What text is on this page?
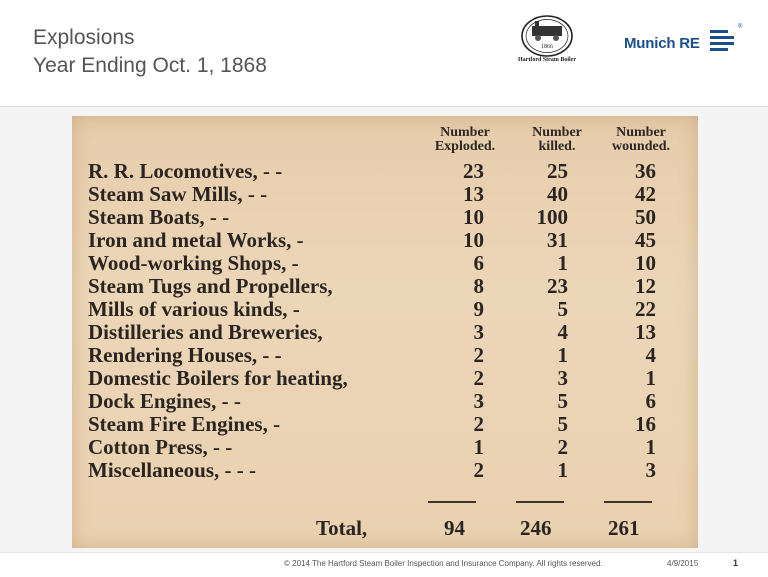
Explosions
Year Ending Oct. 1, 1868
1866
Hartford Steam Boiler
Munich RE
®
Number
Exploded.
Number
killed.
Number
wounded.
R. R. Locomotives, - -	23	25	36
Steam Saw Mills, - -	13	40	42
Steam Boats, - -	10	100	50
Iron and metal Works, -	10	31	45
Wood-working Shops, -	6	1	10
Steam Tugs and Propellers,	8	23	12
Mills of various kinds, -	9	5	22
Distilleries and Breweries,	3	4	13
Rendering Houses, - -	2	1	4
Domestic Boilers for heating,	2	3	1
Dock Engines, - -	3	5	6
Steam Fire Engines, -	2	5	16
Cotton Press, - -	1	2	1
Miscellaneous, - - -	2	1	3
Total,	94	246	261
© 2014 The Hartford Steam Boiler Inspection and Insurance Company. All rights reserved.	4/9/2015	1
